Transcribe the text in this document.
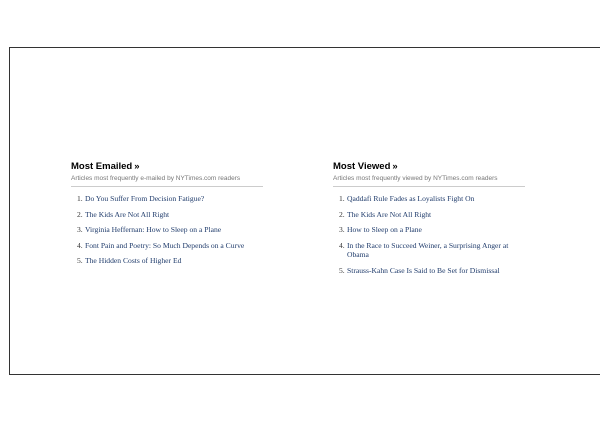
Most Emailed »
Articles most frequently e-mailed by NYTimes.com readers
1. Do You Suffer From Decision Fatigue?
2. The Kids Are Not All Right
3. Virginia Heffernan: How to Sleep on a Plane
4. Font Pain and Poetry: So Much Depends on a Curve
5. The Hidden Costs of Higher Ed
Most Viewed »
Articles most frequently viewed by NYTimes.com readers
1. Qaddafi Rule Fades as Loyalists Fight On
2. The Kids Are Not All Right
3. How to Sleep on a Plane
4. In the Race to Succeed Weiner, a Surprising Anger at Obama
5. Strauss-Kahn Case Is Said to Be Set for Dismissal
